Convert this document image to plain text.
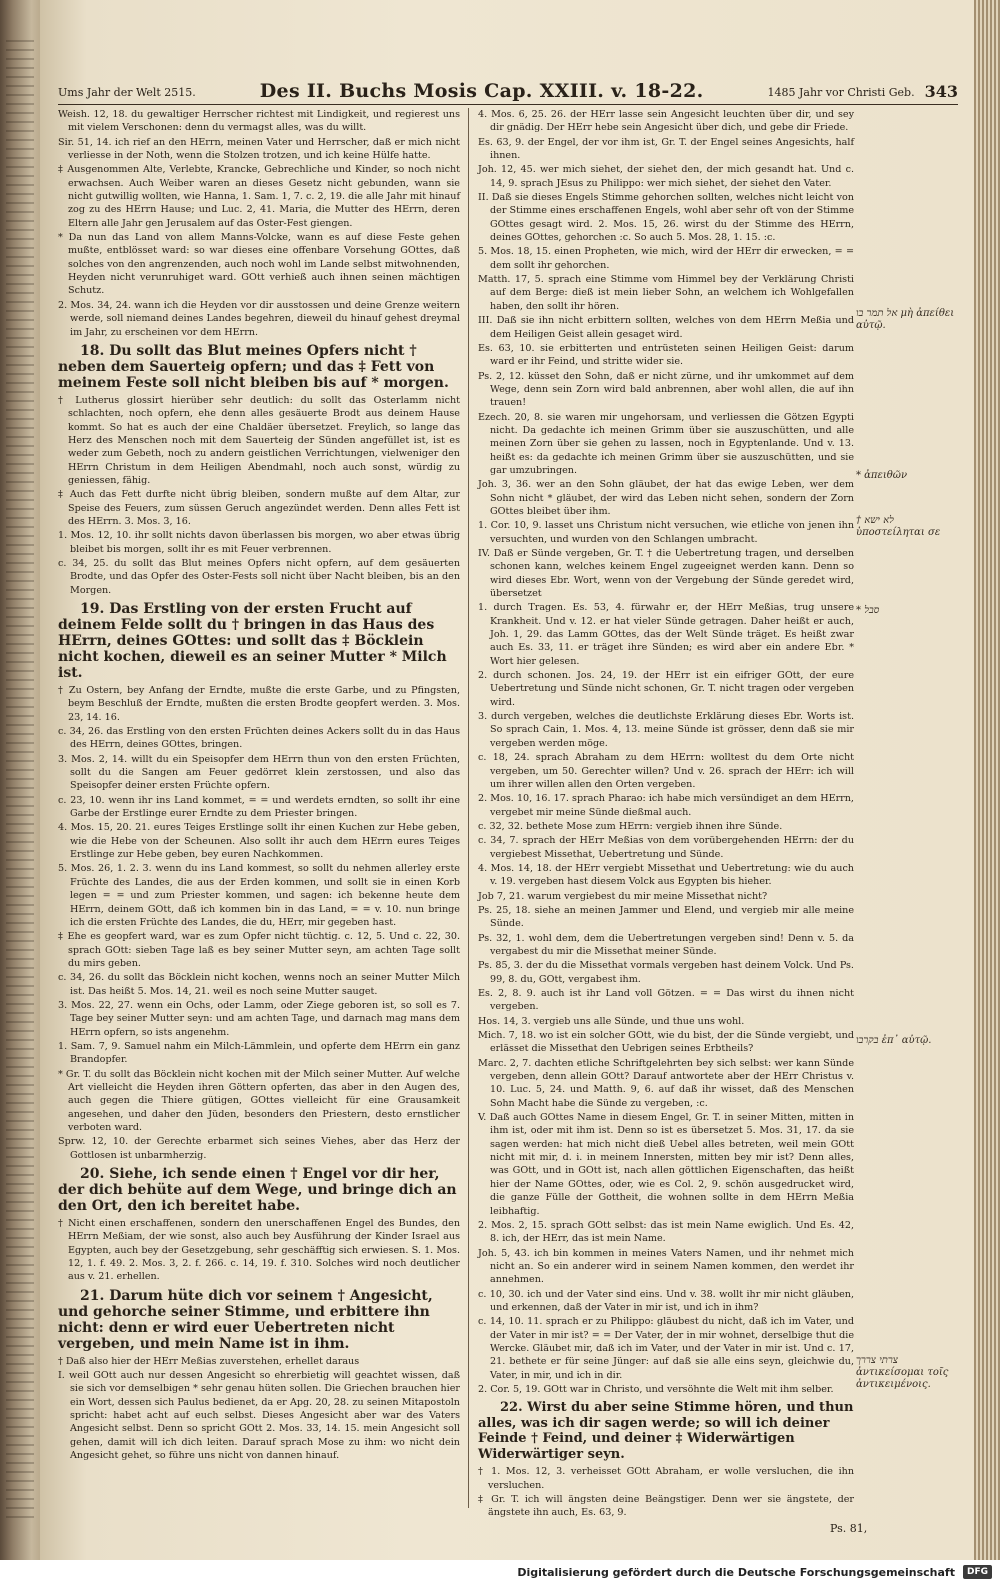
Ums Jahr der Welt 2515.	Des II. Buchs Mosis Cap. XXIII. v. 18-22.	1485 Jahr vor Christi Geb. 343

Weish. 12, 18. du gewaltiger Herrscher richtest mit Lindigkeit, und regierest uns mit vielem Verschonen: denn du vermagst alles, was du willt.

Sir. 51, 14. ich rief an den HErrn, meinen Vater und Herrscher, daß er mich nicht verliesse in der Noth, wenn die Stolzen trotzen, und ich keine Hülfe hatte.

‡ Ausgenommen Alte, Verlebte, Krancke, Gebrechliche und Kinder, so noch nicht erwachsen. Auch Weiber waren an dieses Gesetz nicht gebunden, wann sie nicht gutwillig wollten, wie Hanna, 1. Sam. 1, 7. c. 2, 19. die alle Jahr mit hinauf zog zu des HErrn Hause; und Luc. 2, 41. Maria, die Mutter des HErrn, deren Eltern alle Jahr gen Jerusalem auf das Oster-Fest giengen.

* Da nun das Land von allem Manns-Volcke, wann es auf diese Feste gehen mußte, entblösset ward: so war dieses eine offenbare Vorsehung GOttes, daß solches von den angrenzenden, auch noch wohl im Lande selbst mitwohnenden, Heyden nicht verunruhiget ward. GOtt verhieß auch ihnen seinen mächtigen Schutz.

2. Mos. 34, 24. wann ich die Heyden vor dir ausstossen und deine Grenze weitern werde, soll niemand deines Landes begehren, dieweil du hinauf gehest dreymal im Jahr, zu erscheinen vor dem HErrn.

18. Du sollt das Blut meines Opfers nicht † neben dem Sauerteig opfern; und das ‡ Fett von meinem Feste soll nicht bleiben bis auf * morgen.

† Lutherus glossirt hierüber sehr deutlich: du sollt das Osterlamm nicht schlachten, noch opfern, ehe denn alles gesäuerte Brodt aus deinem Hause kommt. So hat es auch der eine Chaldäer übersetzet. Freylich, so lange das Herz des Menschen noch mit dem Sauerteig der Sünden angefüllet ist, ist es weder zum Gebeth, noch zu andern geistlichen Verrichtungen, vielweniger den HErrn Christum in dem Heiligen Abendmahl, noch auch sonst, würdig zu geniessen, fähig.

‡ Auch das Fett durfte nicht übrig bleiben, sondern mußte auf dem Altar, zur Speise des Feuers, zum süssen Geruch angezündet werden. Denn alles Fett ist des HErrn. 3. Mos. 3, 16.

1. Mos. 12, 10. ihr sollt nichts davon überlassen bis morgen, wo aber etwas übrig bleibet bis morgen, sollt ihr es mit Feuer verbrennen.

c. 34, 25. du sollt das Blut meines Opfers nicht opfern, auf dem gesäuerten Brodte, und das Opfer des Oster-Fests soll nicht über Nacht bleiben, bis an den Morgen.

19. Das Erstling von der ersten Frucht auf deinem Felde sollt du † bringen in das Haus des HErrn, deines GOttes: und sollt das ‡ Böcklein nicht kochen, dieweil es an seiner Mutter * Milch ist.

† Zu Ostern, bey Anfang der Erndte, mußte die erste Garbe, und zu Pfingsten, beym Beschluß der Erndte, mußten die ersten Brodte geopfert werden. 3. Mos. 23, 14. 16.

c. 34, 26. das Erstling von den ersten Früchten deines Ackers sollt du in das Haus des HErrn, deines GOttes, bringen.

3. Mos. 2, 14. willt du ein Speisopfer dem HErrn thun von den ersten Früchten, sollt du die Sangen am Feuer gedörret klein zerstossen, und also das Speisopfer deiner ersten Früchte opfern.

c. 23, 10. wenn ihr ins Land kommet, = = und werdets erndten, so sollt ihr eine Garbe der Erstlinge eurer Erndte zu dem Priester bringen.

4. Mos. 15, 20. 21. eures Teiges Erstlinge sollt ihr einen Kuchen zur Hebe geben, wie die Hebe von der Scheunen. Also sollt ihr auch dem HErrn eures Teiges Erstlinge zur Hebe geben, bey euren Nachkommen.

5. Mos. 26, 1. 2. 3. wenn du ins Land kommest, so sollt du nehmen allerley erste Früchte des Landes, die aus der Erden kommen, und sollt sie in einen Korb legen = = und zum Priester kommen, und sagen: ich bekenne heute dem HErrn, deinem GOtt, daß ich kommen bin in das Land, = = v. 10. nun bringe ich die ersten Früchte des Landes, die du, HErr, mir gegeben hast.

‡ Ehe es geopfert ward, war es zum Opfer nicht tüchtig. c. 12, 5. Und c. 22, 30. sprach GOtt: sieben Tage laß es bey seiner Mutter seyn, am achten Tage sollt du mirs geben.

c. 34, 26. du sollt das Böcklein nicht kochen, wenns noch an seiner Mutter Milch ist. Das heißt 5. Mos. 14, 21. weil es noch seine Mutter sauget.

3. Mos. 22, 27. wenn ein Ochs, oder Lamm, oder Ziege geboren ist, so soll es 7. Tage bey seiner Mutter seyn: und am achten Tage, und darnach mag mans dem HErrn opfern, so ists angenehm.

1. Sam. 7, 9. Samuel nahm ein Milch-Lämmlein, und opferte dem HErrn ein ganz Brandopfer.

* Gr. T. du sollt das Böcklein nicht kochen mit der Milch seiner Mutter. Auf welche Art vielleicht die Heyden ihren Göttern opferten, das aber in den Augen des, auch gegen die Thiere gütigen, GOttes vielleicht für eine Grausamkeit angesehen, und daher den Jüden, besonders den Priestern, desto ernstlicher verboten ward.

Sprw. 12, 10. der Gerechte erbarmet sich seines Viehes, aber das Herz der Gottlosen ist unbarmherzig.

20. Siehe, ich sende einen † Engel vor dir her, der dich behüte auf dem Wege, und bringe dich an den Ort, den ich bereitet habe.

† Nicht einen erschaffenen, sondern den unerschaffenen Engel des Bundes, den HErrn Meßiam, der wie sonst, also auch bey Ausführung der Kinder Israel aus Egypten, auch bey der Gesetzgebung, sehr geschäfftig sich erwiesen. S. 1. Mos. 12, 1. f. 49. 2. Mos. 3, 2. f. 266. c. 14, 19. f. 310. Solches wird noch deutlicher aus v. 21. erhellen.

21. Darum hüte dich vor seinem † Angesicht, und gehorche seiner Stimme, und erbittere ihn nicht: denn er wird euer Uebertreten nicht vergeben, und mein Name ist in ihm.

† Daß also hier der HErr Meßias zuverstehen, erhellet daraus

I. weil GOtt auch nur dessen Angesicht so ehrerbietig will geachtet wissen, daß sie sich vor demselbigen * sehr genau hüten sollen. Die Griechen brauchen hier ein Wort, dessen sich Paulus bedienet, da er Apg. 20, 28. zu seinen Mitapostoln spricht: habet acht auf euch selbst. Dieses Angesicht aber war des Vaters Angesicht selbst. Denn so spricht GOtt 2. Mos. 33, 14. 15. mein Angesicht soll gehen, damit will ich dich leiten. Darauf sprach Mose zu ihm: wo nicht dein Angesicht gehet, so führe uns nicht von dannen hinauf.

4. Mos. 6, 25. 26. der HErr lasse sein Angesicht leuchten über dir, und sey dir gnädig. Der HErr hebe sein Angesicht über dich, und gebe dir Friede.

Es. 63, 9. der Engel, der vor ihm ist, Gr. T. der Engel seines Angesichts, half ihnen.

Joh. 12, 45. wer mich siehet, der siehet den, der mich gesandt hat. Und c. 14, 9. sprach JEsus zu Philippo: wer mich siehet, der siehet den Vater.

II. Daß sie dieses Engels Stimme gehorchen sollten, welches nicht leicht von der Stimme eines erschaffenen Engels, wohl aber sehr oft von der Stimme GOttes gesagt wird. 2. Mos. 15, 26. wirst du der Stimme des HErrn, deines GOttes, gehorchen :c. So auch 5. Mos. 28, 1. 15. :c.

5. Mos. 18, 15. einen Propheten, wie mich, wird der HErr dir erwecken, = = dem sollt ihr gehorchen.

Matth. 17, 5. sprach eine Stimme vom Himmel bey der Verklärung Christi auf dem Berge: dieß ist mein lieber Sohn, an welchem ich Wohlgefallen haben, den sollt ihr hören.

III. Daß sie ihn nicht erbittern sollten, welches von dem HErrn Meßia und dem Heiligen Geist allein gesaget wird.

Es. 63, 10. sie erbitterten und entrüsteten seinen Heiligen Geist: darum ward er ihr Feind, und stritte wider sie.

Ps. 2, 12. küsset den Sohn, daß er nicht zürne, und ihr umkommet auf dem Wege, denn sein Zorn wird bald anbrennen, aber wohl allen, die auf ihn trauen!

Ezech. 20, 8. sie waren mir ungehorsam, und verliessen die Götzen Egypti nicht. Da gedachte ich meinen Grimm über sie auszuschütten, und alle meinen Zorn über sie gehen zu lassen, noch in Egyptenlande. Und v. 13. heißt es: da gedachte ich meinen Grimm über sie auszuschütten, und sie gar umzubringen.

Joh. 3, 36. wer an den Sohn gläubet, der hat das ewige Leben, wer dem Sohn nicht * gläubet, der wird das Leben nicht sehen, sondern der Zorn GOttes bleibet über ihm.

1. Cor. 10, 9. lasset uns Christum nicht versuchen, wie etliche von jenen ihn versuchten, und wurden von den Schlangen umbracht.

IV. Daß er Sünde vergeben, Gr. T. † die Uebertretung tragen, und derselben schonen kann, welches keinem Engel zugeeignet werden kann. Denn so wird dieses Ebr. Wort, wenn von der Vergebung der Sünde geredet wird, übersetzet

1. durch Tragen. Es. 53, 4. fürwahr er, der HErr Meßias, trug unsere Krankheit. Und v. 12. er hat vieler Sünde getragen. Daher heißt er auch, Joh. 1, 29. das Lamm GOttes, das der Welt Sünde träget. Es heißt zwar auch Es. 33, 11. er träget ihre Sünden; es wird aber ein andere Ebr. * Wort hier gelesen.

2. durch schonen. Jos. 24, 19. der HErr ist ein eifriger GOtt, der eure Uebertretung und Sünde nicht schonen, Gr. T. nicht tragen oder vergeben wird.

3. durch vergeben, welches die deutlichste Erklärung dieses Ebr. Worts ist. So sprach Cain, 1. Mos. 4, 13. meine Sünde ist grösser, denn daß sie mir vergeben werden möge.

c. 18, 24. sprach Abraham zu dem HErrn: wolltest du dem Orte nicht vergeben, um 50. Gerechter willen? Und v. 26. sprach der HErr: ich will um ihrer willen allen den Orten vergeben.

2. Mos. 10, 16. 17. sprach Pharao: ich habe mich versündiget an dem HErrn, vergebet mir meine Sünde dießmal auch.

c. 32, 32. bethete Mose zum HErrn: vergieb ihnen ihre Sünde.

c. 34, 7. sprach der HErr Meßias von dem vorübergehenden HErrn: der du vergiebest Missethat, Uebertretung und Sünde.

4. Mos. 14, 18. der HErr vergiebt Missethat und Uebertretung: wie du auch v. 19. vergeben hast diesem Volck aus Egypten bis hieher.

Job 7, 21. warum vergiebest du mir meine Missethat nicht?

Ps. 25, 18. siehe an meinen Jammer und Elend, und vergieb mir alle meine Sünde.

Ps. 32, 1. wohl dem, dem die Uebertretungen vergeben sind! Denn v. 5. da vergabest du mir die Missethat meiner Sünde.

Ps. 85, 3. der du die Missethat vormals vergeben hast deinem Volck. Und Ps. 99, 8. du, GOtt, vergabest ihm.

Es. 2, 8. 9. auch ist ihr Land voll Götzen. = = Das wirst du ihnen nicht vergeben.

Hos. 14, 3. vergieb uns alle Sünde, und thue uns wohl.

Mich. 7, 18. wo ist ein solcher GOtt, wie du bist, der die Sünde vergiebt, und erlässet die Missethat den Uebrigen seines Erbtheils?

Marc. 2, 7. dachten etliche Schriftgelehrten bey sich selbst: wer kann Sünde vergeben, denn allein GOtt? Darauf antwortete aber der HErr Christus v. 10. Luc. 5, 24. und Matth. 9, 6. auf daß ihr wisset, daß des Menschen Sohn Macht habe die Sünde zu vergeben, :c.

V. Daß auch GOttes Name in diesem Engel, Gr. T. in seiner Mitten, mitten in ihm ist, oder mit ihm ist. Denn so ist es übersetzet 5. Mos. 31, 17. da sie sagen werden: hat mich nicht dieß Uebel alles betreten, weil mein GOtt nicht mit mir, d. i. in meinem Innersten, mitten bey mir ist? Denn alles, was GOtt, und in GOtt ist, nach allen göttlichen Eigenschaften, das heißt hier der Name GOttes, oder, wie es Col. 2, 9. schön ausgedrucket wird, die ganze Fülle der Gottheit, die wohnen sollte in dem HErrn Meßia leibhaftig.

2. Mos. 2, 15. sprach GOtt selbst: das ist mein Name ewiglich. Und Es. 42, 8. ich, der HErr, das ist mein Name.

Joh. 5, 43. ich bin kommen in meines Vaters Namen, und ihr nehmet mich nicht an. So ein anderer wird in seinem Namen kommen, den werdet ihr annehmen.

c. 10, 30. ich und der Vater sind eins. Und v. 38. wollt ihr mir nicht gläuben, und erkennen, daß der Vater in mir ist, und ich in ihm?

c. 14, 10. 11. sprach er zu Philippo: gläubest du nicht, daß ich im Vater, und der Vater in mir ist? = = Der Vater, der in mir wohnet, derselbige thut die Wercke. Gläubet mir, daß ich im Vater, und der Vater in mir ist. Und c. 17, 21. bethete er für seine Jünger: auf daß sie alle eins seyn, gleichwie du, Vater, in mir, und ich in dir.

2. Cor. 5, 19. GOtt war in Christo, und versöhnte die Welt mit ihm selber.

22. Wirst du aber seine Stimme hören, und thun alles, was ich dir sagen werde; so will ich deiner Feinde † Feind, und deiner ‡ Widerwärtigen Widerwärtiger seyn.

† 1. Mos. 12, 3. verheisset GOtt Abraham, er wolle versluchen, die ihn versluchen.

‡ Gr. T. ich will ängsten deine Beängstiger. Denn wer sie ängstete, der ängstete ihn auch, Es. 63, 9.

אל תמר בו μὴ ἀπείθει αὐτῷ.
* ἀπειθῶν
† לא ישא ὑποστείληται σε
* סבל
בקרבו ἐπ᾽ αὐτῷ.
צרתי צררך ἀντικείσομαι τοῖς ἀντικειμένοις.
Ps. 81,
Digitalisierung gefördert durch die Deutsche Forschungsgemeinschaft	DFG
